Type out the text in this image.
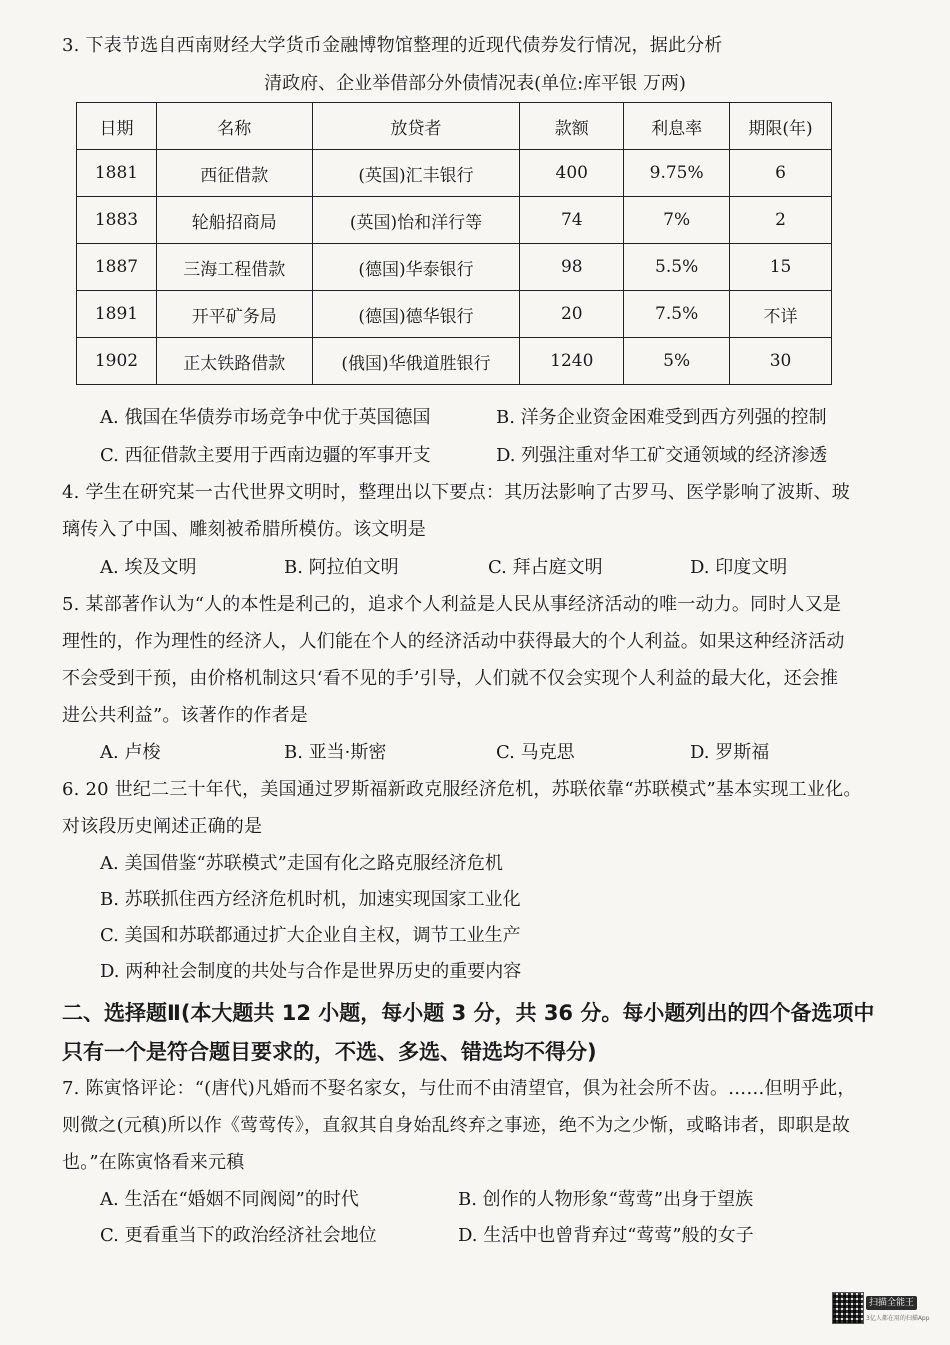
3. 下表节选自西南财经大学货币金融博物馆整理的近现代债券发行情况，据此分析
清政府、企业举借部分外债情况表(单位:库平银 万两)
日期	名称	放贷者	款额	利息率	期限(年)
1881	西征借款	(英国)汇丰银行	400	9.75%	6
1883	轮船招商局	(英国)怡和洋行等	74	7%	2
1887	三海工程借款	(德国)华泰银行	98	5.5%	15
1891	开平矿务局	(德国)德华银行	20	7.5%	不详
1902	正太铁路借款	(俄国)华俄道胜银行	1240	5%	30
A. 俄国在华债券市场竞争中优于英国德国	B. 洋务企业资金困难受到西方列强的控制
C. 西征借款主要用于西南边疆的军事开支	D. 列强注重对华工矿交通领域的经济渗透
4. 学生在研究某一古代世界文明时，整理出以下要点：其历法影响了古罗马、医学影响了波斯、玻
璃传入了中国、雕刻被希腊所模仿。该文明是
A. 埃及文明	B. 阿拉伯文明	C. 拜占庭文明	D. 印度文明
5. 某部著作认为“人的本性是利己的，追求个人利益是人民从事经济活动的唯一动力。同时人又是
理性的，作为理性的经济人，人们能在个人的经济活动中获得最大的个人利益。如果这种经济活动
不会受到干预，由价格机制这只‘看不见的手’引导，人们就不仅会实现个人利益的最大化，还会推
进公共利益”。该著作的作者是
A. 卢梭	B. 亚当·斯密	C. 马克思	D. 罗斯福
6. 20 世纪二三十年代，美国通过罗斯福新政克服经济危机，苏联依靠“苏联模式”基本实现工业化。
对该段历史阐述正确的是
A. 美国借鉴“苏联模式”走国有化之路克服经济危机
B. 苏联抓住西方经济危机时机，加速实现国家工业化
C. 美国和苏联都通过扩大企业自主权，调节工业生产
D. 两种社会制度的共处与合作是世界历史的重要内容
二、选择题Ⅱ(本大题共 12 小题，每小题 3 分，共 36 分。每小题列出的四个备选项中
只有一个是符合题目要求的，不选、多选、错选均不得分)
7. 陈寅恪评论：“(唐代)凡婚而不娶名家女，与仕而不由清望官，俱为社会所不齿。……但明乎此，
则微之(元稹)所以作《莺莺传》，直叙其自身始乱终弃之事迹，绝不为之少惭，或略讳者，即职是故
也。”在陈寅恪看来元稹
A. 生活在“婚姻不同阀阅”的时代	B. 创作的人物形象“莺莺”出身于望族
C. 更看重当下的政治经济社会地位	D. 生活中也曾背弃过“莺莺”般的女子
扫描全能王
3亿人都在用的扫描App
